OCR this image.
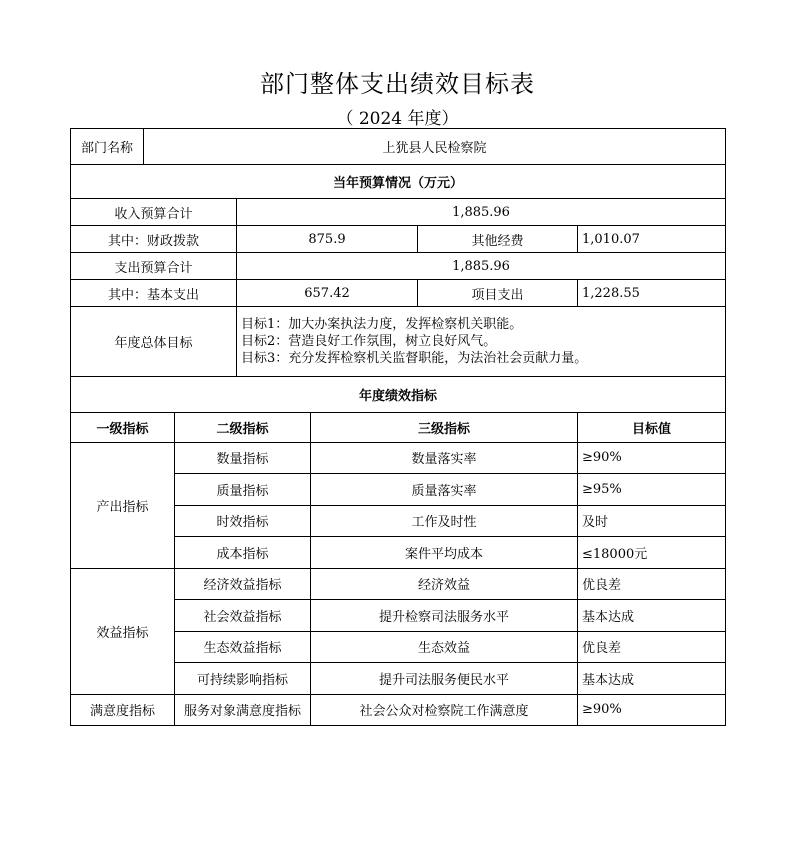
部门整体支出绩效目标表
（ 2024 年度）
部门名称	上犹县人民检察院			
当年预算情况（万元）				
收入预算合计		1,885.96		
其中：财政拨款		875.9	其他经费	1,010.07
支出预算合计		1,885.96		
其中：基本支出		657.42	项目支出	1,228.55
年度总体目标		目标1：加大办案执法力度，发挥检察机关职能。
目标2：营造良好工作氛围，树立良好风气。
目标3：充分发挥检察机关监督职能，为法治社会贡献力量。		

年度绩效指标				
一级指标	二级指标	三级指标	目标值
产出指标	数量指标	数量落实率	≥90%
	质量指标	质量落实率	≥95%
	时效指标	工作及时性	及时
	成本指标	案件平均成本	≤18000元
效益指标	经济效益指标	经济效益	优良差
	社会效益指标	提升检察司法服务水平	基本达成
	生态效益指标	生态效益	优良差
	可持续影响指标	提升司法服务便民水平	基本达成
满意度指标	服务对象满意度指标	社会公众对检察院工作满意度	≥90%
